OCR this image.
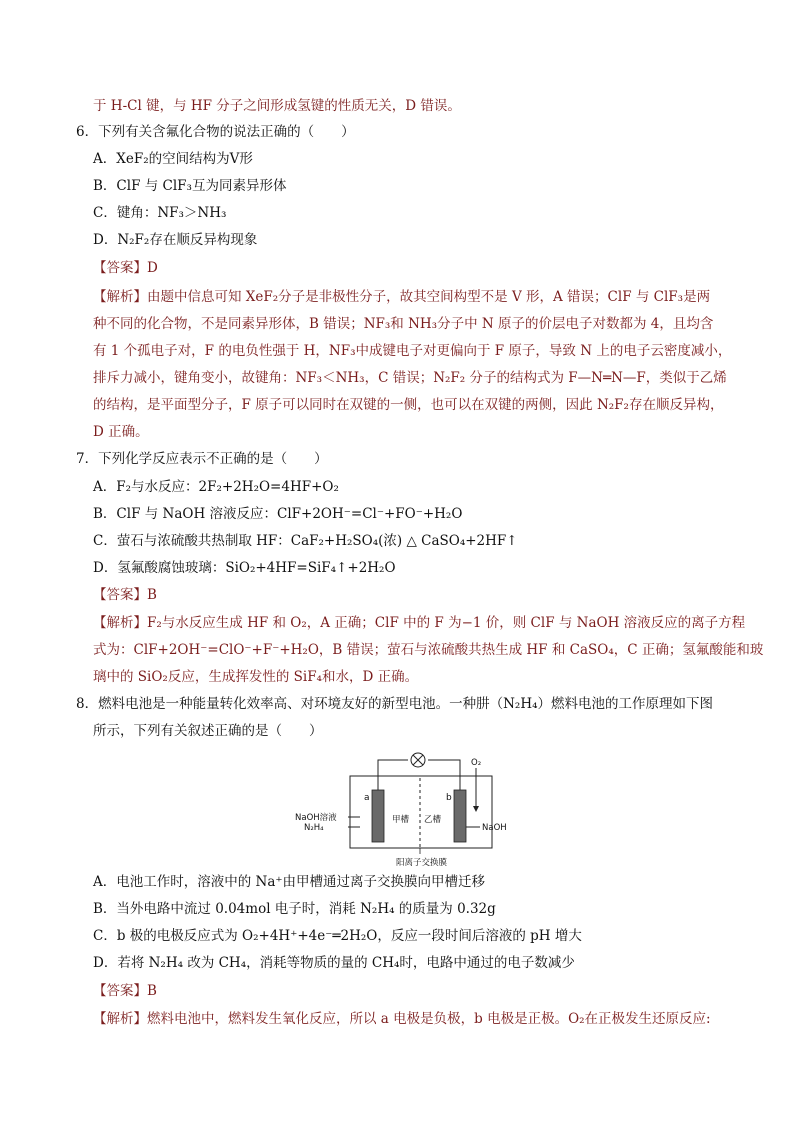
于 H-Cl 键，与 HF 分子之间形成氢键的性质无关，D 错误。
6．下列有关含氟化合物的说法正确的（　　）
A．XeF₂的空间结构为V形
B．ClF 与 ClF₃互为同素异形体
C．键角：NF₃＞NH₃
D．N₂F₂存在顺反异构现象
【答案】D
【解析】由题中信息可知 XeF₂分子是非极性分子，故其空间构型不是 V 形，A 错误；ClF 与 ClF₃是两
种不同的化合物，不是同素异形体，B 错误；NF₃和 NH₃分子中 N 原子的价层电子对数都为 4，且均含
有 1 个孤电子对，F 的电负性强于 H，NF₃中成键电子对更偏向于 F 原子，导致 N 上的电子云密度减小，
排斥力减小，键角变小，故键角：NF₃＜NH₃，C 错误；N₂F₂ 分子的结构式为 F—N═N—F，类似于乙烯
的结构，是平面型分子，F 原子可以同时在双键的一侧，也可以在双键的两侧，因此 N₂F₂存在顺反异构，
D 正确。
7．下列化学反应表示不正确的是（　　）
A．F₂与水反应：2F₂+2H₂O=4HF+O₂
B．ClF 与 NaOH 溶液反应：ClF+2OH⁻=Cl⁻+FO⁻+H₂O
C．萤石与浓硫酸共热制取 HF：CaF₂+H₂SO₄(浓) △ CaSO₄+2HF↑
D．氢氟酸腐蚀玻璃：SiO₂+4HF=SiF₄↑+2H₂O
【答案】B
【解析】F₂与水反应生成 HF 和 O₂，A 正确；ClF 中的 F 为−1 价，则 ClF 与 NaOH 溶液反应的离子方程
式为：ClF+2OH⁻=ClO⁻+F⁻+H₂O，B 错误；萤石与浓硫酸共热生成 HF 和 CaSO₄，C 正确；氢氟酸能和玻
璃中的 SiO₂反应，生成挥发性的 SiF₄和水，D 正确。
8．燃料电池是一种能量转化效率高、对环境友好的新型电池。一种肼（N₂H₄）燃料电池的工作原理如下图
所示，下列有关叙述正确的是（　　）
A．电池工作时，溶液中的 Na⁺由甲槽通过离子交换膜向甲槽迁移
B．当外电路中流过 0.04mol 电子时，消耗 N₂H₄ 的质量为 0.32g
C．b 极的电极反应式为 O₂+4H⁺+4e⁻═2H₂O，反应一段时间后溶液的 pH 增大
D．若将 N₂H₄ 改为 CH₄，消耗等物质的量的 CH₄时，电路中通过的电子数减少
【答案】B
【解析】燃料电池中，燃料发生氧化反应，所以 a 电极是负极，b 电极是正极。O₂在正极发生还原反应:
NaOH溶液
N₂H₄
a	b
甲槽 乙槽
O₂
NaOH
阳离子交换膜
